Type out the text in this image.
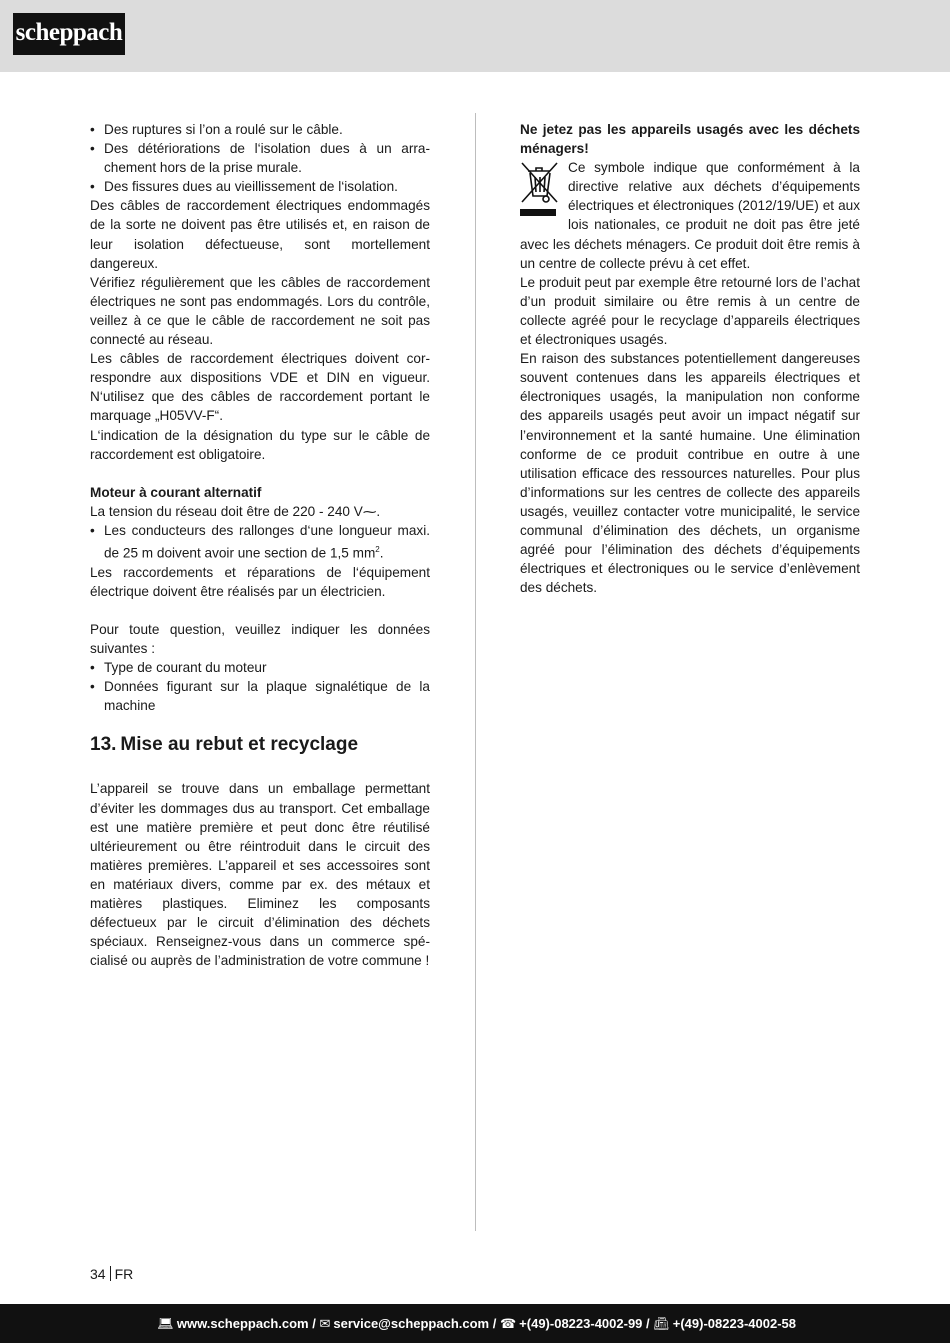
scheppach
• Des ruptures si l’on a roulé sur le câble.
• Des détériorations de l‘isolation dues à un arrachement hors de la prise murale.
• Des fissures dues au vieillissement de l‘isolation.

Des câbles de raccordement électriques endommagés de la sorte ne doivent pas être utilisés et, en raison de leur isolation défectueuse, sont mortellement dangereux.

Vérifiez régulièrement que les câbles de raccordement électriques ne sont pas endommagés. Lors du contrôle, veillez à ce que le câble de raccordement ne soit pas connecté au réseau.

Les câbles de raccordement électriques doivent correspondre aux dispositions VDE et DIN en vigueur. N‘utilisez que des câbles de raccordement portant le marquage „H05VV-F“.

L‘indication de la désignation du type sur le câble de raccordement est obligatoire.

Moteur à courant alternatif

La tension du réseau doit être de 220 - 240 V⁓.

• Les conducteurs des rallonges d‘une longueur maxi. de 25 m doivent avoir une section de 1,5 $mm^2$.

Les raccordements et réparations de l‘équipement électrique doivent être réalisés par un électricien.

Pour toute question, veuillez indiquer les données suivantes :

• Type de courant du moteur
• Données figurant sur la plaque signalétique de la machine
13. Mise au rebut et recyclage

L’appareil se trouve dans un emballage permettant d’éviter les dommages dus au transport. Cet emballage est une matière première et peut donc être réutilisé ultérieurement ou être réintroduit dans le circuit des matières premières. L’appareil et ses accessoires sont en matériaux divers, comme par ex. des métaux et matières plastiques. Eliminez les composants défectueux par le circuit d’élimination des déchets spéciaux. Renseignez-vous dans un commerce spécialisé ou auprès de l’administration de votre commune !

Ne jetez pas les appareils usagés avec les déchets ménagers!

Ce symbole indique que conformément à la directive relative aux déchets d’équipements électriques et électroniques (2012/19/UE) et aux lois nationales, ce produit ne doit pas être jeté avec les déchets ménagers. Ce produit doit être remis à un centre de collecte prévu à cet effet.

Le produit peut par exemple être retourné lors de l’achat d’un produit similaire ou être remis à un centre de collecte agréé pour le recyclage d’appareils électriques et électroniques usagés.

En raison des substances potentiellement dangereuses souvent contenues dans les appareils électriques et électroniques usagés, la manipulation non conforme des appareils usagés peut avoir un impact négatif sur l’environnement et la santé humaine. Une élimination conforme de ce produit contribue en outre à une utilisation efficace des ressources naturelles. Pour plus d’informations sur les centres de collecte des appareils usagés, veuillez contacter votre municipalité, le service communal d’élimination des déchets, un organisme agréé pour l’élimination des déchets d’équipements électriques et électroniques ou le service d’enlèvement des déchets.

34 FR
💻︎ www.scheppach.com / ✉︎ service@scheppach.com / ☎︎ +(49)-08223-4002-99 / 📠︎ +(49)-08223-4002-58
